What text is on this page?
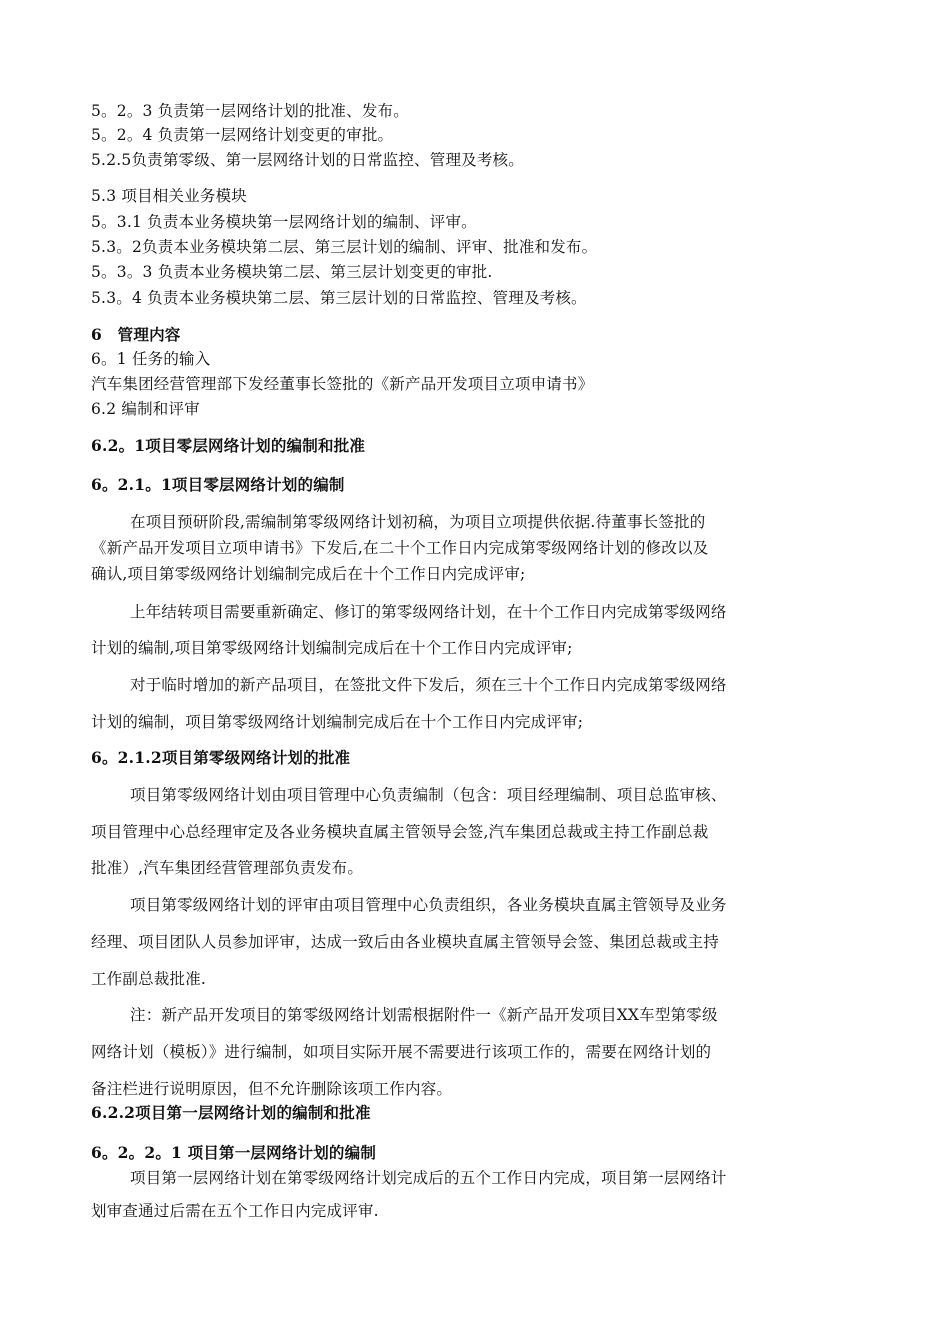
5。2。3 负责第一层网络计划的批准、发布。
5。2。4 负责第一层网络计划变更的审批。
5.2.5负责第零级、第一层网络计划的日常监控、管理及考核。
5.3 项目相关业务模块
5。3.1 负责本业务模块第一层网络计划的编制、评审。
5.3。2负责本业务模块第二层、第三层计划的编制、评审、批准和发布。
5。3。3 负责本业务模块第二层、第三层计划变更的审批.
5.3。4 负责本业务模块第二层、第三层计划的日常监控、管理及考核。
6　管理内容
6。1 任务的输入
汽车集团经营管理部下发经董事长签批的《新产品开发项目立项申请书》
6.2 编制和评审
6.2。1项目零层网络计划的编制和批准
6。2.1。1项目零层网络计划的编制
在项目预研阶段,需编制第零级网络计划初稿，为项目立项提供依据.待董事长签批的
《新产品开发项目立项申请书》下发后,在二十个工作日内完成第零级网络计划的修改以及
确认,项目第零级网络计划编制完成后在十个工作日内完成评审;
上年结转项目需要重新确定、修订的第零级网络计划，在十个工作日内完成第零级网络
计划的编制,项目第零级网络计划编制完成后在十个工作日内完成评审;
对于临时增加的新产品项目，在签批文件下发后，须在三十个工作日内完成第零级网络
计划的编制，项目第零级网络计划编制完成后在十个工作日内完成评审;
6。2.1.2项目第零级网络计划的批准
项目第零级网络计划由项目管理中心负责编制（包含：项目经理编制、项目总监审核、
项目管理中心总经理审定及各业务模块直属主管领导会签,汽车集团总裁或主持工作副总裁
批准）,汽车集团经营管理部负责发布。
项目第零级网络计划的评审由项目管理中心负责组织，各业务模块直属主管领导及业务
经理、项目团队人员参加评审，达成一致后由各业模块直属主管领导会签、集团总裁或主持
工作副总裁批准.
注：新产品开发项目的第零级网络计划需根据附件一《新产品开发项目XX车型第零级
网络计划（模板）》进行编制，如项目实际开展不需要进行该项工作的，需要在网络计划的
备注栏进行说明原因，但不允许删除该项工作内容。
6.2.2项目第一层网络计划的编制和批准
6。2。2。1 项目第一层网络计划的编制
项目第一层网络计划在第零级网络计划完成后的五个工作日内完成，项目第一层网络计
划审查通过后需在五个工作日内完成评审.
